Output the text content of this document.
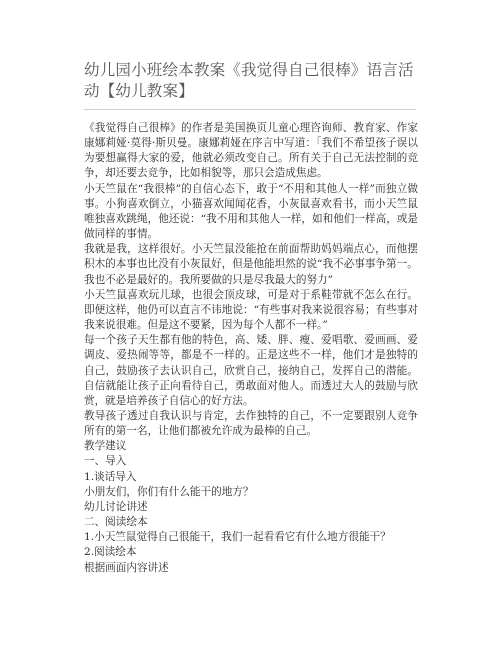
幼儿园小班绘本教案《我觉得自己很棒》语言活动【幼儿教案】

《我觉得自己很棒》的作者是美国换页儿童心理咨询师、教育家、作家康娜莉娅·莫得·斯贝曼。康娜莉娅在序言中写道：「我们不希望孩子误以为要想赢得大家的爱，他就必须改变自己。所有关于自己无法控制的竞争，却还要去竞争，比如相貌等，那只会造成焦虑。

小天竺鼠在“我很棒”的自信心态下，敢于“不用和其他人一样”而独立做事。小狗喜欢倒立，小猫喜欢闻闻花香，小灰鼠喜欢看书，而小天竺鼠唯独喜欢跳绳，他还说：“我不用和其他人一样，如和他们一样高，或是做同样的事情。

我就是我，这样很好。小天竺鼠没能抢在前面帮助妈妈端点心，而他摆积木的本事也比没有小灰鼠好，但是他能坦然的说“我不必事事争第一。

我也不必是最好的。我所要做的只是尽我最大的努力”

小天竺鼠喜欢玩儿球，也很会顶皮球，可是对于系鞋带就不怎么在行。即便这样，他仍可以直言不讳地说：“有些事对我来说很容易；有些事对我来说很难。但是这不要紧，因为每个人都不一样。”

每一个孩子天生都有他的特色，高、矮、胖、瘦、爱唱歌、爱画画、爱调皮、爱热闹等等，都是不一样的。正是这些不一样，他们才是独特的自己，鼓励孩子去认识自己，欣赏自己，接纳自己，发挥自己的潜能。自信就能让孩子正向看待自己，勇敢面对他人。而透过大人的鼓励与欣赏，就是培养孩子自信心的好方法。

教导孩子透过自我认识与肯定，去作独特的自己，不一定要跟别人竞争所有的第一名，让他们都被允许成为最棒的自己。

教学建议

一、导入

1.谈话导入

小朋友们，你们有什么能干的地方？

幼儿讨论讲述

二、阅读绘本

1.小天竺鼠觉得自己很能干，我们一起看看它有什么地方很能干？

2.阅读绘本

根据画面内容讲述
